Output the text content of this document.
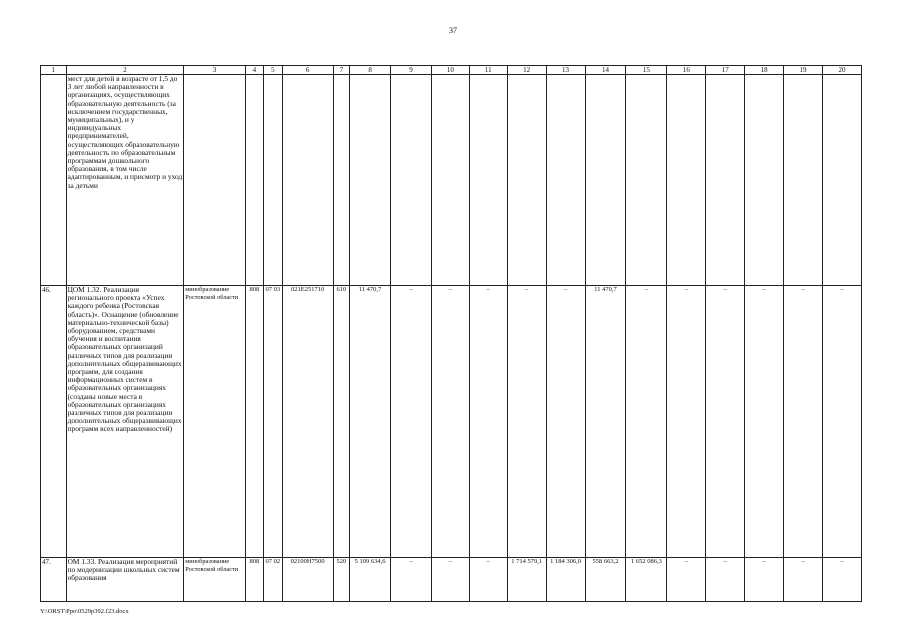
37
1	2	3	4	5	6	7	8	9	10	11	12	13	14	15	16	17	18	19	20
	мест для детей в возрасте от 1,5 до 3 лет любой направленности в организациях, осуществляющих образовательную деятельность (за исключением государственных, муниципальных), и у индивидуальных предпринимателей, осуществляющих образовательную деятельность по образовательным программам дошкольного образования, в том числе адаптированным, и присмотр и уход за детьми																		
46.	ЦОМ 1.32. Реализация регионального проекта «Успех каждого ребенка (Ростовская область)». Оснащение (обновление материально-технической базы) оборудованием, средствами обучения и воспитания образовательных организаций различных типов для реализации дополнительных общеразвивающих программ, для создания информационных систем в образовательных организациях (созданы новые места в образовательных организациях различных типов для реализации дополнительных общеразвивающих программ всех направленностей)	минобразование Ростовской области	808	07 03	021Е251710	610	11 470,7	–	–	–	–	–	11 470,7	–	–	–	–	–	–
47.	ОМ 1.33. Реализация мероприятий по модернизации школьных систем образования	минобразование Ростовской области	808	07 02	02100Н7500	520	5 109 634,6	–	–	–	1 714 579,1	1 184 306,0	558 663,2	1 652 086,3	–	–	–	–	–
Y:\ORST\Ppo\0529p392.f23.docx
